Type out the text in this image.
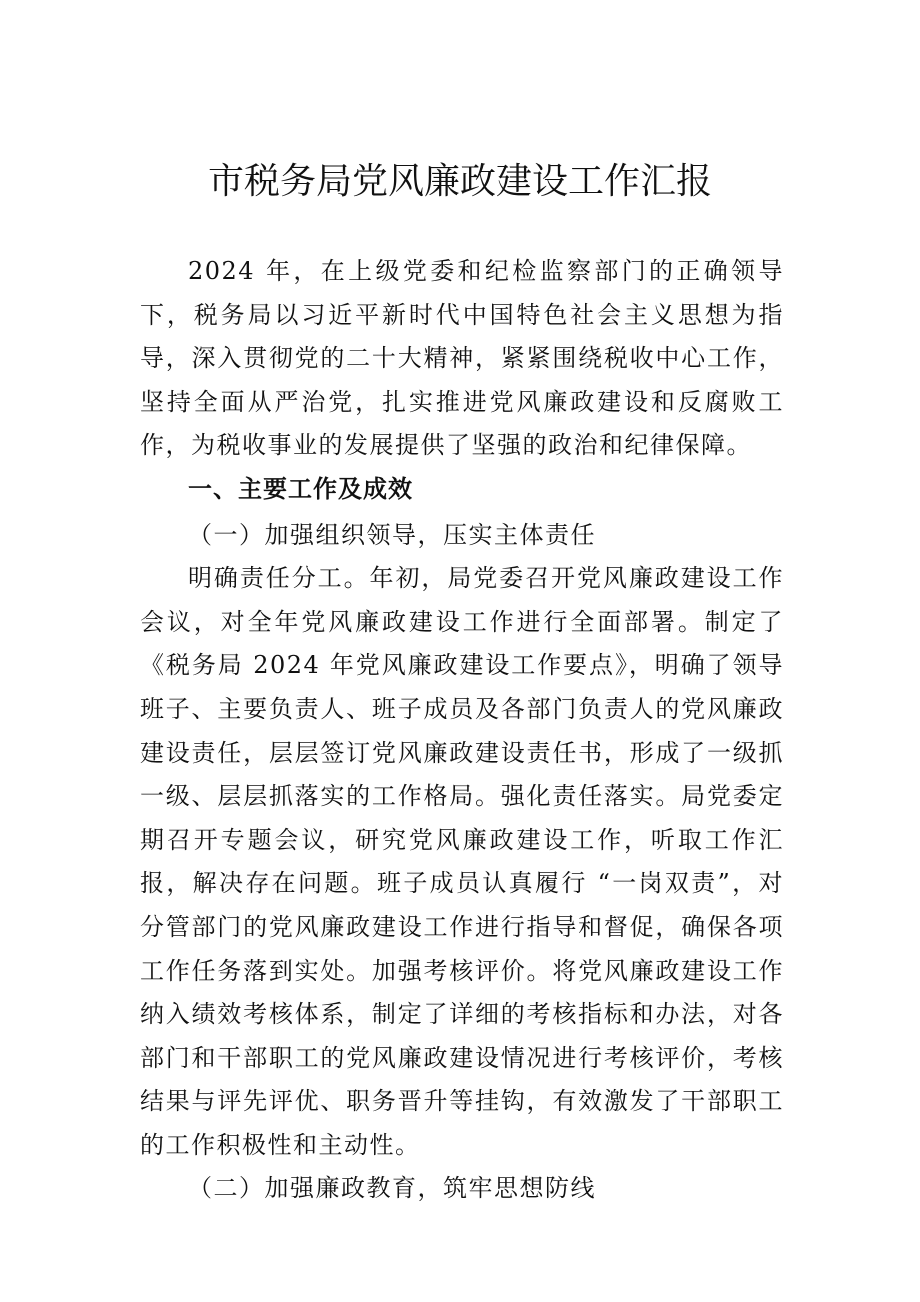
市税务局党风廉政建设工作汇报

2024 年，在上级党委和纪检监察部门的正确领导下，税务局以习近平新时代中国特色社会主义思想为指导，深入贯彻党的二十大精神，紧紧围绕税收中心工作，坚持全面从严治党，扎实推进党风廉政建设和反腐败工作，为税收事业的发展提供了坚强的政治和纪律保障。

一、主要工作及成效

（一）加强组织领导，压实主体责任

明确责任分工。年初，局党委召开党风廉政建设工作会议，对全年党风廉政建设工作进行全面部署。制定了《税务局 2024 年党风廉政建设工作要点》，明确了领导班子、主要负责人、班子成员及各部门负责人的党风廉政建设责任，层层签订党风廉政建设责任书，形成了一级抓一级、层层抓落实的工作格局。强化责任落实。局党委定期召开专题会议，研究党风廉政建设工作，听取工作汇报，解决存在问题。班子成员认真履行 “一岗双责”，对分管部门的党风廉政建设工作进行指导和督促，确保各项工作任务落到实处。加强考核评价。将党风廉政建设工作纳入绩效考核体系，制定了详细的考核指标和办法，对各部门和干部职工的党风廉政建设情况进行考核评价，考核结果与评先评优、职务晋升等挂钩，有效激发了干部职工的工作积极性和主动性。

（二）加强廉政教育，筑牢思想防线
